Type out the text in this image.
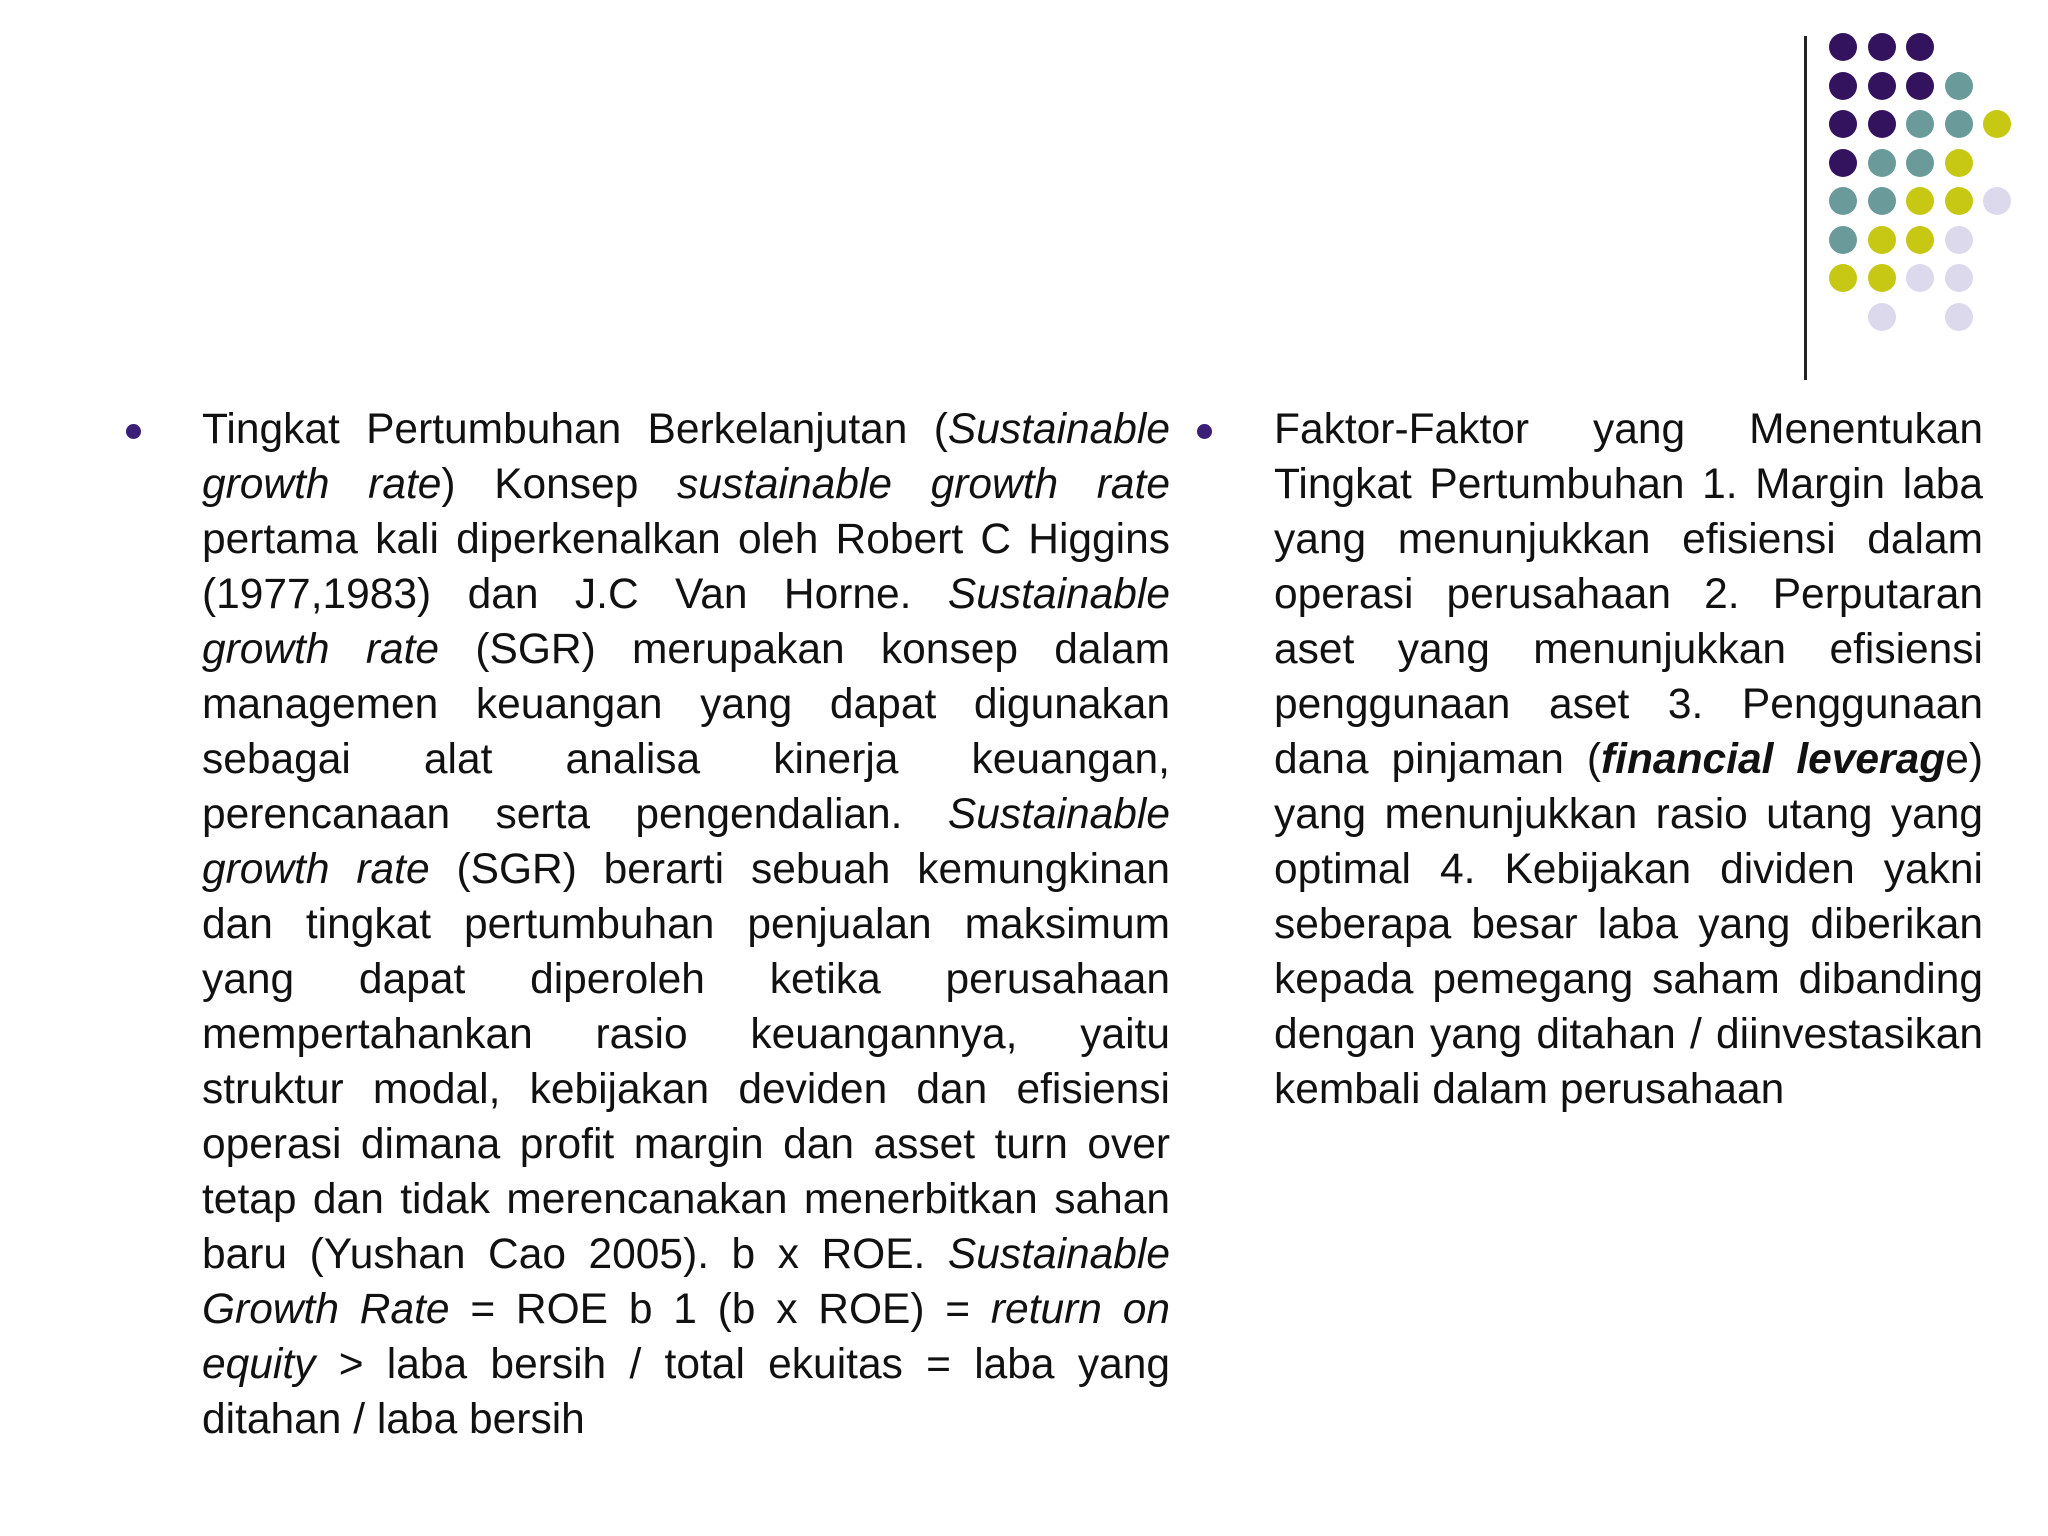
Tingkat Pertumbuhan Berkelanjutan (Sustainable growth rate) Konsep sustainable growth rate pertama kali diperkenalkan oleh Robert C Higgins (1977,1983) dan J.C Van Horne. Sustainable growth rate (SGR) merupakan konsep dalam managemen keuangan yang dapat digunakan sebagai alat analisa kinerja keuangan, perencanaan serta pengendalian. Sustainable growth rate (SGR) berarti sebuah kemungkinan dan tingkat pertumbuhan penjualan maksimum yang dapat diperoleh ketika perusahaan mempertahankan rasio keuangannya, yaitu struktur modal, kebijakan deviden dan efisiensi operasi dimana profit margin dan asset turn over tetap dan tidak merencanakan menerbitkan sahan baru (Yushan Cao 2005). b x ROE. Sustainable Growth Rate = ROE b 1 (b x ROE) = return on equity > laba bersih / total ekuitas = laba yang ditahan / laba bersih
Faktor-Faktor yang Menentukan Tingkat Pertumbuhan 1. Margin laba yang menunjukkan efisiensi dalam operasi perusahaan 2. Perputaran aset yang menunjukkan efisiensi penggunaan aset 3. Penggunaan dana pinjaman (financial leverage) yang menunjukkan rasio utang yang optimal 4. Kebijakan dividen yakni seberapa besar laba yang diberikan kepada pemegang saham dibanding dengan yang ditahan / diinvestasikan kembali dalam perusahaan
